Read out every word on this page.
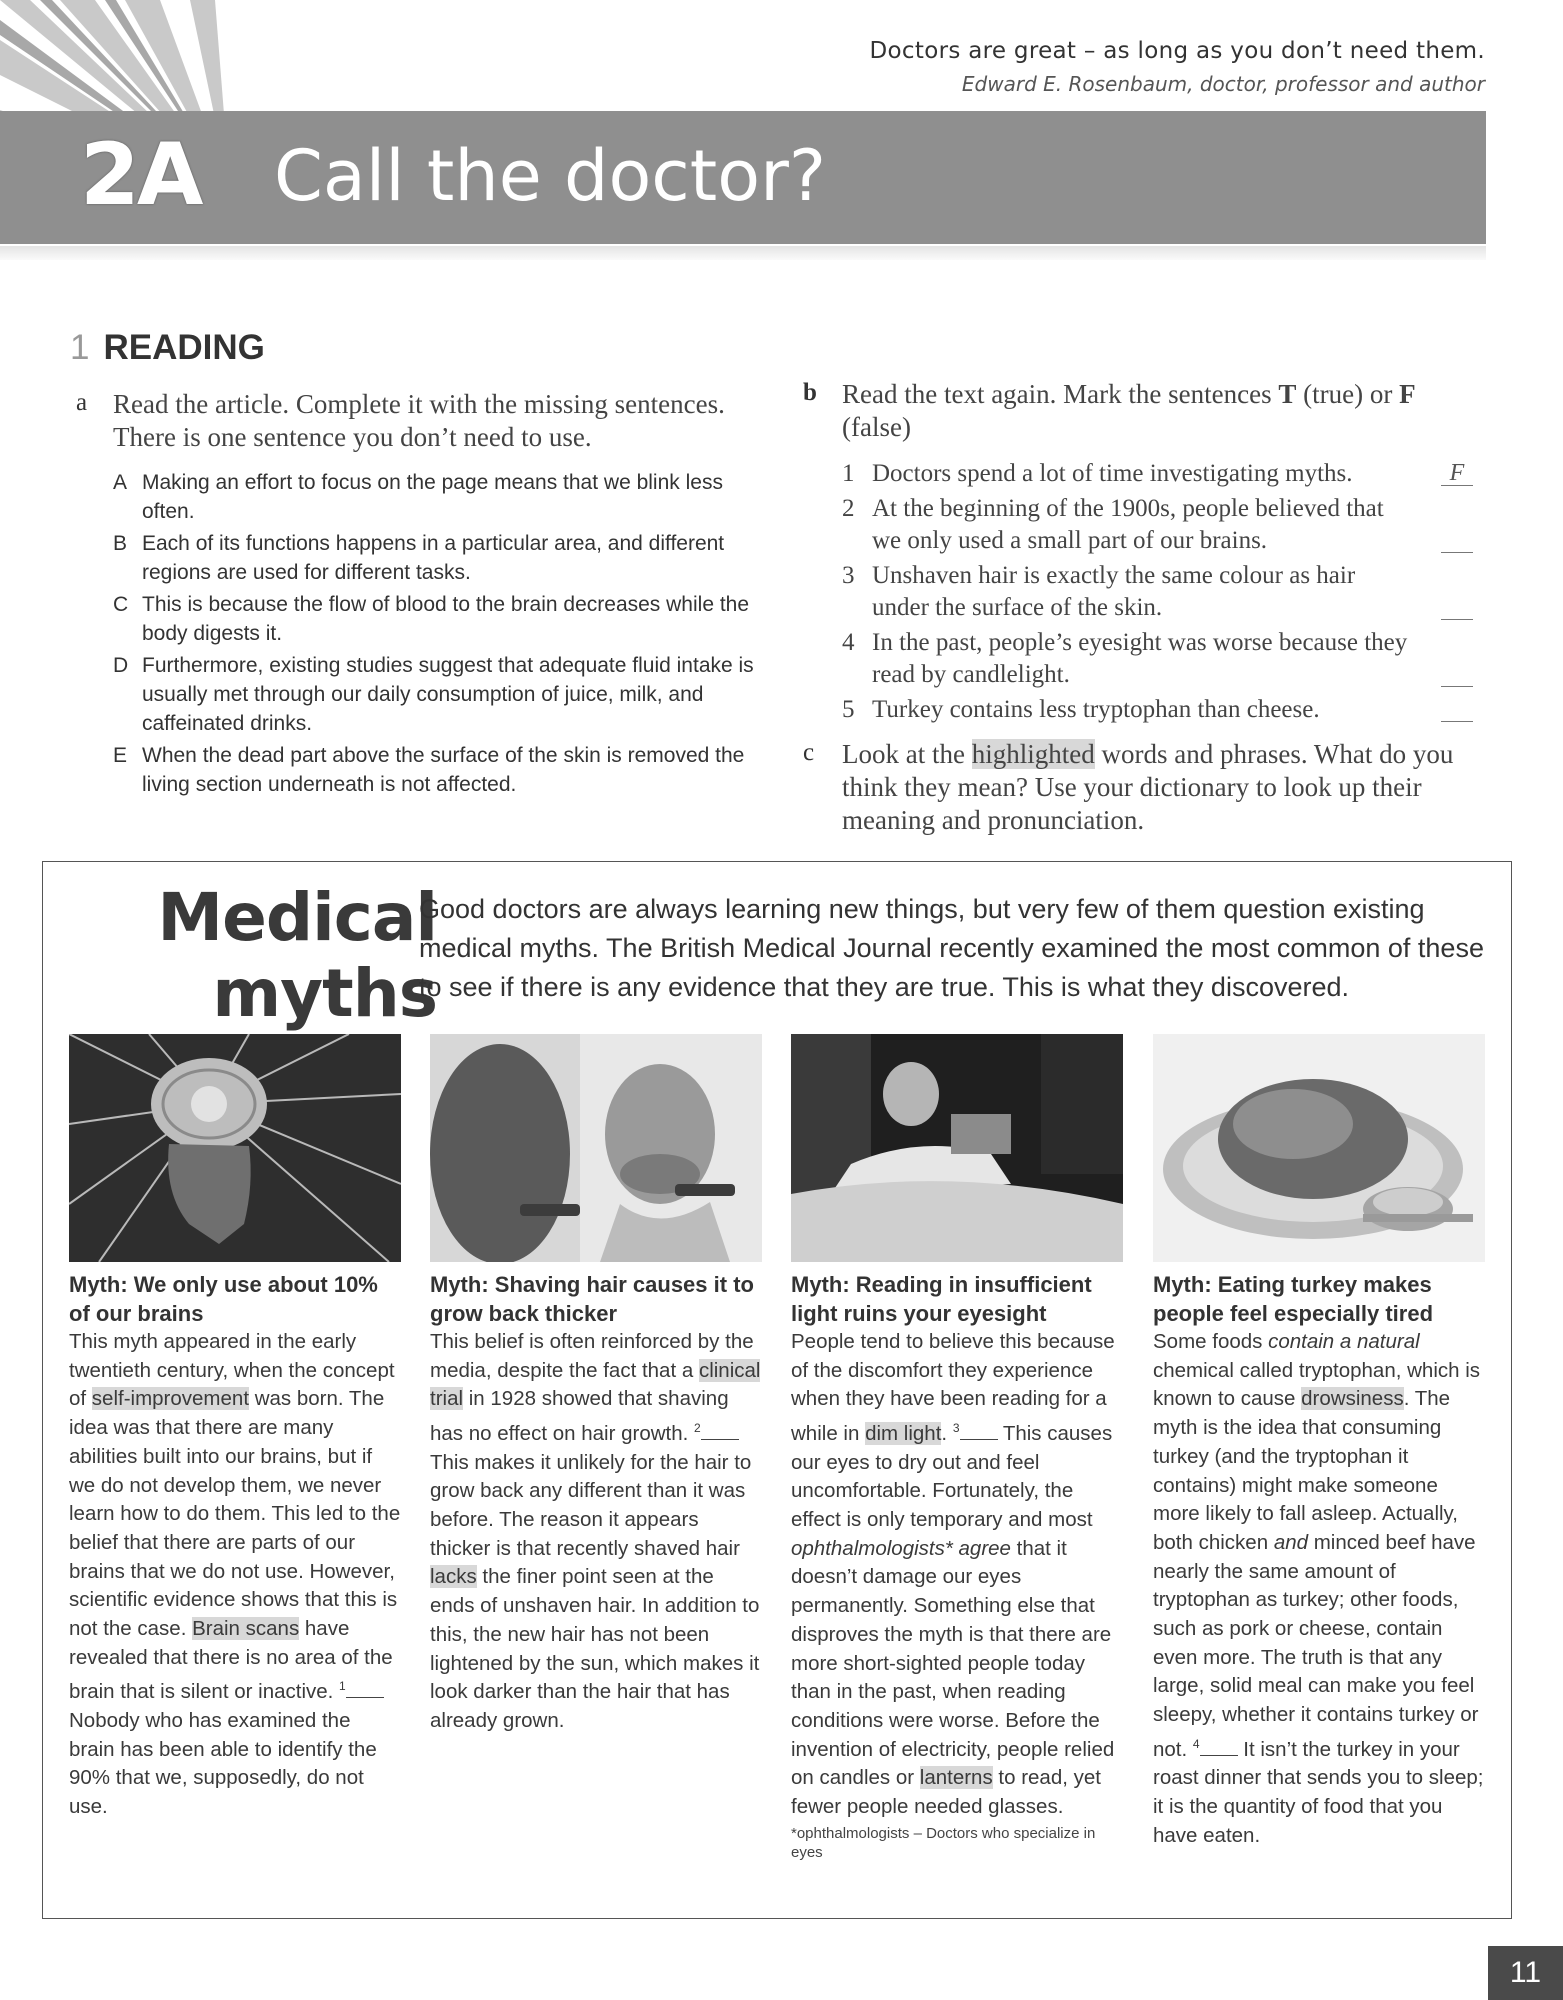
Doctors are great – as long as you don’t need them.
Edward E. Rosenbaum, doctor, professor and author
2A Call the doctor?
1 READING
a Read the article. Complete it with the missing sentences. There is one sentence you don’t need to use.
A Making an effort to focus on the page means that we blink less often.
B Each of its functions happens in a particular area, and different regions are used for different tasks.
C This is because the flow of blood to the brain decreases while the body digests it.
D Furthermore, existing studies suggest that adequate fluid intake is usually met through our daily consumption of juice, milk, and caffeinated drinks.
E When the dead part above the surface of the skin is removed the living section underneath is not affected.
b Read the text again. Mark the sentences T (true) or F (false)
1 Doctors spend a lot of time investigating myths.	F
2 At the beginning of the 1900s, people believed that we only used a small part of our brains.
3 Unshaven hair is exactly the same colour as hair under the surface of the skin.
4 In the past, people’s eyesight was worse because they read by candlelight.
5 Turkey contains less tryptophan than cheese.
c Look at the highlighted words and phrases. What do you think they mean? Use your dictionary to look up their meaning and pronunciation.
Medical
myths
Good doctors are always learning new things, but very few of them question existing medical myths. The British Medical Journal recently examined the most common of these to see if there is any evidence that they are true. This is what they discovered.
Myth: We only use about 10% of our brains
This myth appeared in the early twentieth century, when the concept of self-improvement was born. The idea was that there are many abilities built into our brains, but if we do not develop them, we never learn how to do them. This led to the belief that there are parts of our brains that we do not use. However, scientific evidence shows that this is not the case. Brain scans have revealed that there is no area of the brain that is silent or inactive. $^1$ Nobody who has examined the brain has been able to identify the 90% that we, supposedly, do not use.
Myth: Shaving hair causes it to grow back thicker
This belief is often reinforced by the media, despite the fact that a clinical trial in 1928 showed that shaving has no effect on hair growth. $^2$ This makes it unlikely for the hair to grow back any different than it was before. The reason it appears thicker is that recently shaved hair lacks the finer point seen at the ends of unshaven hair. In addition to this, the new hair has not been lightened by the sun, which makes it look darker than the hair that has already grown.
Myth: Reading in insufficient light ruins your eyesight
People tend to believe this because of the discomfort they experience when they have been reading for a while in dim light. $^3$ This causes our eyes to dry out and feel uncomfortable. Fortunately, the effect is only temporary and most ophthalmologists* agree that it doesn’t damage our eyes permanently. Something else that disproves the myth is that there are more short-sighted people today than in the past, when reading conditions were worse. Before the invention of electricity, people relied on candles or lanterns to read, yet fewer people needed glasses.
*ophthalmologists – Doctors who specialize in eyes
Myth: Eating turkey makes people feel especially tired
Some foods contain a natural chemical called tryptophan, which is known to cause drowsiness. The myth is the idea that consuming turkey (and the tryptophan it contains) might make someone more likely to fall asleep. Actually, both chicken and minced beef have nearly the same amount of tryptophan as turkey; other foods, such as pork or cheese, contain even more. The truth is that any large, solid meal can make you feel sleepy, whether it contains turkey or not. $^4$ It isn’t the turkey in your roast dinner that sends you to sleep; it is the quantity of food that you have eaten.
11
